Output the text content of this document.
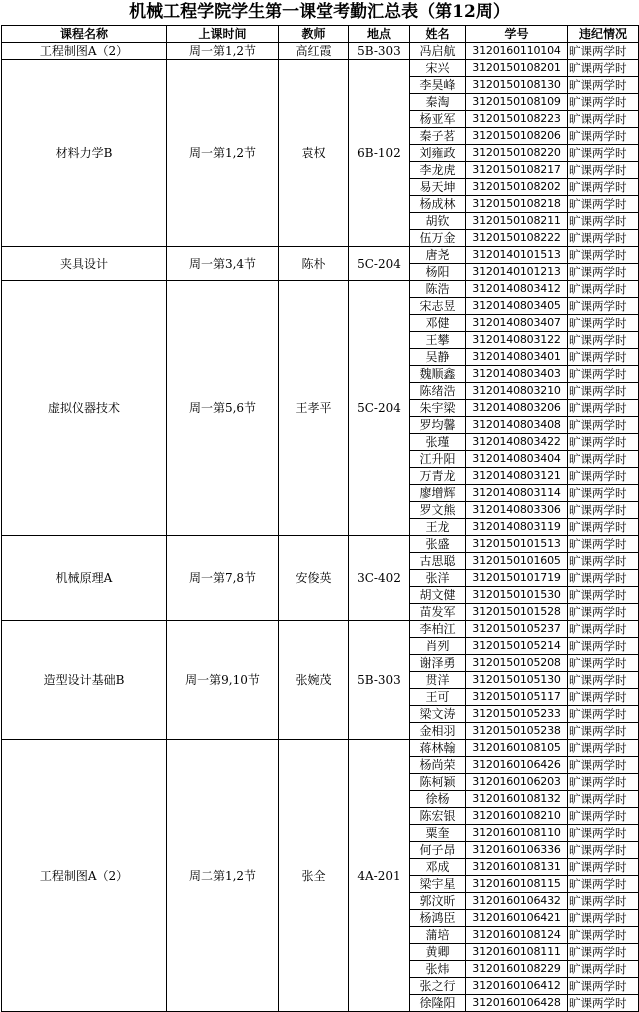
机械工程学院学生第一课堂考勤汇总表（第12周）
课程名称	上课时间	教师	地点	姓名	学号	违纪情况
工程制图A（2）	周一第1,2节	高红霞	5B-303	冯启航	3120160110104	旷课两学时
材料力学B	周一第1,2节	袁权	6B-102	宋兴	3120150108201	旷课两学时
				李昊峰	3120150108130	旷课两学时
				秦淘	3120150108109	旷课两学时
				杨亚军	3120150108223	旷课两学时
				秦子茗	3120150108206	旷课两学时
				刘雍政	3120150108220	旷课两学时
				李龙虎	3120150108217	旷课两学时
				易天坤	3120150108202	旷课两学时
				杨成林	3120150108218	旷课两学时
				胡钦	3120150108211	旷课两学时
				伍万金	3120150108222	旷课两学时
夹具设计	周一第3,4节	陈朴	5C-204	唐尧	3120140101513	旷课两学时
				杨阳	3120140101213	旷课两学时
虚拟仪器技术	周一第5,6节	王孝平	5C-204	陈浩	3120140803412	旷课两学时
				宋志昱	3120140803405	旷课两学时
				邓健	3120140803407	旷课两学时
				王攀	3120140803122	旷课两学时
				吴静	3120140803401	旷课两学时
				魏顺鑫	3120140803403	旷课两学时
				陈绪浩	3120140803210	旷课两学时
				朱宇梁	3120140803206	旷课两学时
				罗均馨	3120140803408	旷课两学时
				张瑾	3120140803422	旷课两学时
				江升阳	3120140803404	旷课两学时
				万青龙	3120140803121	旷课两学时
				廖增辉	3120140803114	旷课两学时
				罗文熊	3120140803306	旷课两学时
				王龙	3120140803119	旷课两学时
机械原理A	周一第7,8节	安俊英	3C-402	张盛	3120150101513	旷课两学时
				古思聪	3120150101605	旷课两学时
				张洋	3120150101719	旷课两学时
				胡文健	3120150101530	旷课两学时
				苗发军	3120150101528	旷课两学时
造型设计基础B	周一第9,10节	张婉茂	5B-303	李柏江	3120150105237	旷课两学时
				肖列	3120150105214	旷课两学时
				谢泽勇	3120150105208	旷课两学时
				贯洋	3120150105130	旷课两学时
				王可	3120150105117	旷课两学时
				梁文涛	3120150105233	旷课两学时
				金相羽	3120150105238	旷课两学时
工程制图A（2）	周二第1,2节	张全	4A-201	蒋林翰	3120160108105	旷课两学时
				杨尚荣	3120160106426	旷课两学时
				陈柯颖	3120160106203	旷课两学时
				徐杨	3120160108132	旷课两学时
				陈宏银	3120160108210	旷课两学时
				粟奎	3120160108110	旷课两学时
				何子昂	3120160106336	旷课两学时
				邓成	3120160108131	旷课两学时
				梁宇星	3120160108115	旷课两学时
				郭汶昕	3120160106432	旷课两学时
				杨鸿臣	3120160106421	旷课两学时
				蒲培	3120160108124	旷课两学时
				黄卿	3120160108111	旷课两学时
				张炜	3120160108229	旷课两学时
				张之行	3120160106412	旷课两学时
				徐隆阳	3120160106428	旷课两学时
